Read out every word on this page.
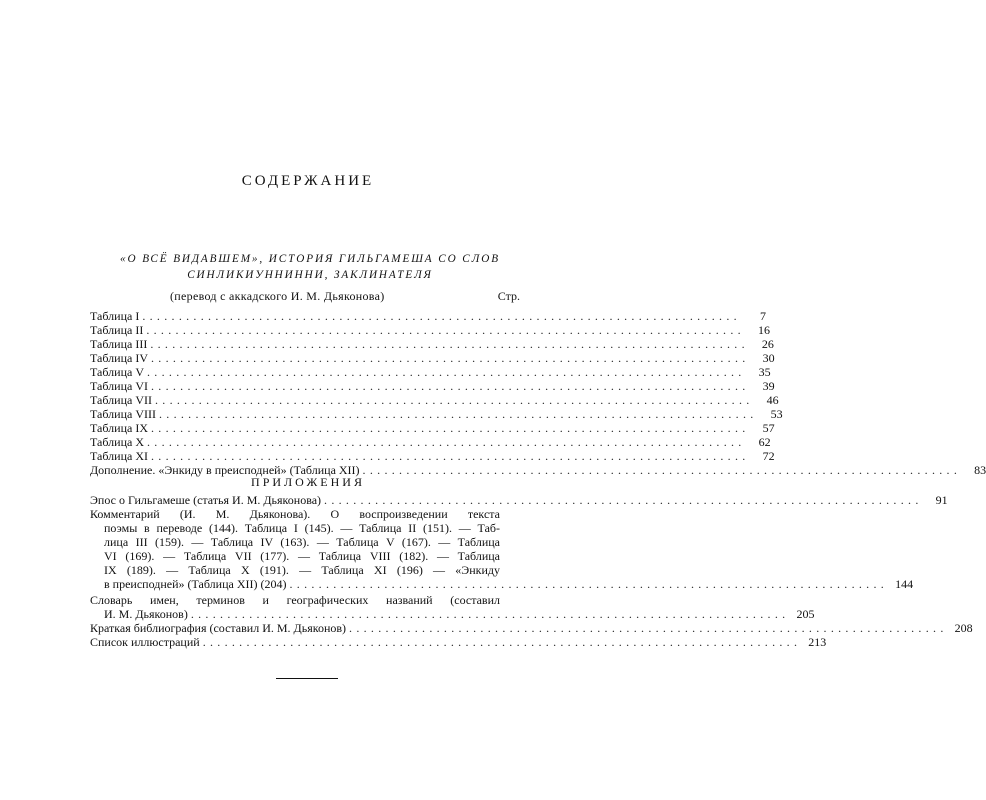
СОДЕРЖАНИЕ
«О ВСЁ ВИДАВШЕМ», ИСТОРИЯ ГИЛЬГАМЕША СО СЛОВ
СИНЛИКИУННИННИ, ЗАКЛИНАТЕЛЯ
(перевод с аккадского И. М. Дьяконова)	Стр.
Таблица I ..................................................................................	7
Таблица II ..................................................................................	16
Таблица III ..................................................................................	26
Таблица IV ..................................................................................	30
Таблица V ..................................................................................	35
Таблица VI ..................................................................................	39
Таблица VII ..................................................................................	46
Таблица VIII ..................................................................................	53
Таблица IX ..................................................................................	57
Таблица X ..................................................................................	62
Таблица XI ..................................................................................	72
Дополнение. «Энкиду в преисподней» (Таблица XII) ..................................................................................	83
ПРИЛОЖЕНИЯ
Эпос о Гильгамеше (статья И. М. Дьяконова) ..................................................................................	91
Комментарий (И. М. Дьяконова). О воспроизведении текста
поэмы в переводе (144). Таблица I (145). — Таблица II (151). — Таб-
лица III (159). — Таблица IV (163). — Таблица V (167). — Таблица
VI (169). — Таблица VII (177). — Таблица VIII (182). — Таблица
IX (189). — Таблица X (191). — Таблица XI (196) — «Энкиду
в преисподней» (Таблица XII) (204) .................................................................................. 144
Словарь имен, терминов и географических названий (составил
И. М. Дьяконов) .................................................................................. 205
Краткая библиография (составил И. М. Дьяконов) .................................................................................. 208
Список иллюстраций .................................................................................. 213
